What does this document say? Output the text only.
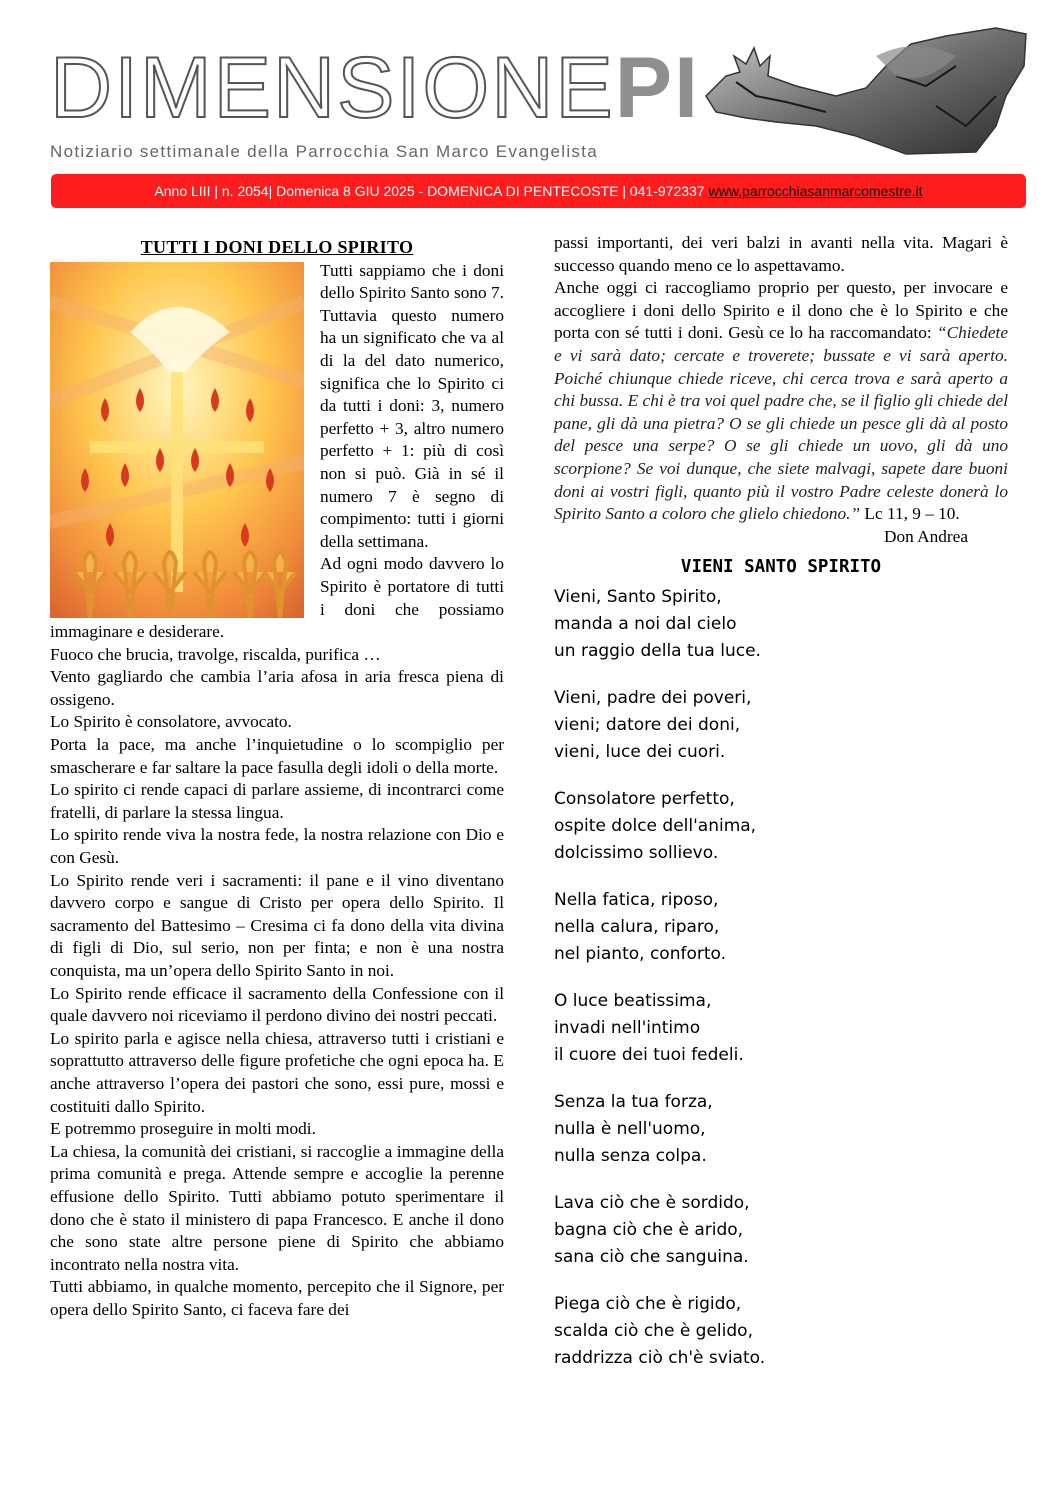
DIMENSIONEPI
Notiziario settimanale della Parrocchia San Marco Evangelista
Anno LIII | n. 2054| Domenica 8 GIU 2025 - DOMENICA DI PENTECOSTE | 041-972337 www.parrocchiasanmarcomestre.it
TUTTI I DONI DELLO SPIRITO

Tutti sappiamo che i doni dello Spirito Santo sono 7. Tuttavia questo numero ha un significato che va al di la del dato numerico, significa che lo Spirito ci da tutti i doni: 3, numero perfetto + 3, altro numero perfetto + 1: più di così non si può. Già in sé il numero 7 è segno di compimento: tutti i giorni della settimana.

Ad ogni modo davvero lo Spirito è portatore di tutti i doni che possiamo immaginare e desiderare.

Fuoco che brucia, travolge, riscalda, purifica …

Vento gagliardo che cambia l’aria afosa in aria fresca piena di ossigeno.

Lo Spirito è consolatore, avvocato.

Porta la pace, ma anche l’inquietudine o lo scompiglio per smascherare e far saltare la pace fasulla degli idoli o della morte.

Lo spirito ci rende capaci di parlare assieme, di incontrarci come fratelli, di parlare la stessa lingua.

Lo spirito rende viva la nostra fede, la nostra relazione con Dio e con Gesù.

Lo Spirito rende veri i sacramenti: il pane e il vino diventano davvero corpo e sangue di Cristo per opera dello Spirito. Il sacramento del Battesimo – Cresima ci fa dono della vita divina di figli di Dio, sul serio, non per finta; e non è una nostra conquista, ma un’opera dello Spirito Santo in noi.

Lo Spirito rende efficace il sacramento della Confessione con il quale davvero noi riceviamo il perdono divino dei nostri peccati.

Lo spirito parla e agisce nella chiesa, attraverso tutti i cristiani e soprattutto attraverso delle figure profetiche che ogni epoca ha. E anche attraverso l’opera dei pastori che sono, essi pure, mossi e costituiti dallo Spirito.

E potremmo proseguire in molti modi.

La chiesa, la comunità dei cristiani, si raccoglie a immagine della prima comunità e prega. Attende sempre e accoglie la perenne effusione dello Spirito. Tutti abbiamo potuto sperimentare il dono che è stato il ministero di papa Francesco. E anche il dono che sono state altre persone piene di Spirito che abbiamo incontrato nella nostra vita.

Tutti abbiamo, in qualche momento, percepito che il Signore, per opera dello Spirito Santo, ci faceva fare dei

passi importanti, dei veri balzi in avanti nella vita. Magari è successo quando meno ce lo aspettavamo.

Anche oggi ci raccogliamo proprio per questo, per invocare e accogliere i doni dello Spirito e il dono che è lo Spirito e che porta con sé tutti i doni. Gesù ce lo ha raccomandato: “Chiedete e vi sarà dato; cercate e troverete; bussate e vi sarà aperto. Poiché chiunque chiede riceve, chi cerca trova e sarà aperto a chi bussa. E chi è tra voi quel padre che, se il figlio gli chiede del pane, gli dà una pietra? O se gli chiede un pesce gli dà al posto del pesce una serpe? O se gli chiede un uovo, gli dà uno scorpione? Se voi dunque, che siete malvagi, sapete dare buoni doni ai vostri figli, quanto più il vostro Padre celeste donerà lo Spirito Santo a coloro che glielo chiedono.” Lc 11, 9 – 10.
Don Andrea

VIENI SANTO SPIRITO
Vieni, Santo Spirito,
manda a noi dal cielo
un raggio della tua luce.
Vieni, padre dei poveri,
vieni; datore dei doni,
vieni, luce dei cuori.
Consolatore perfetto,
ospite dolce dell'anima,
dolcissimo sollievo.
Nella fatica, riposo,
nella calura, riparo,
nel pianto, conforto.
O luce beatissima,
invadi nell'intimo
il cuore dei tuoi fedeli.
Senza la tua forza,
nulla è nell'uomo,
nulla senza colpa.
Lava ciò che è sordido,
bagna ciò che è arido,
sana ciò che sanguina.
Piega ciò che è rigido,
scalda ciò che è gelido,
raddrizza ciò ch'è sviato.
